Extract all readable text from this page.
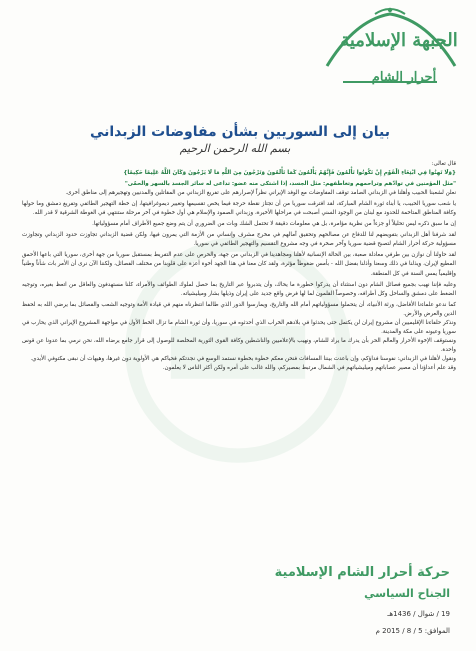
الجبهة الإسلامية
أحرار الشام
بيان إلى السوريين بشأن مفاوضات الزبداني
بسم الله الرحمن الرحيم

قال تعالى:

{وَلَا تَهِنُوا فِي ابْتِغَاءِ الْقَوْمِ إِنْ تَكُونُوا تَأْلَمُونَ فَإِنَّهُمْ يَأْلَمُونَ كَمَا تَأْلَمُونَ وَتَرْجُونَ مِنَ اللَّهِ مَا لَا يَرْجُونَ وَكَانَ اللَّهُ عَلِيمًا حَكِيمًا}

"مثل المؤمنين في توادّهم وتراحمهم وتعاطفهم: مثل الجسد، إذا اشتكى منه عضو: تداعى له سائر الجسد بالسهر والحمّى"

نعلن لشعبنا الحبيب وأهلنا في الزبداني الصامد توقف المفاوضات مع الوفد الإيراني نظراً لإصرارهم على تفريغ الزبداني من المقاتلين والمدنيين وتهجيرهم إلى مناطق أخرى.

يا شعب سوريا الحبيب، يا أبناء ثورة الشام المباركة، لقد افترقت سوريا من أن تجتاز نقطة حرجة فيما يخص تقسيمها وتغيير ديموغرافيتها، إن خطة التهجير الطائفي وتفريغ دمشق وما حولها وكافة المناطق المتاخمة للحدود مع لبنان من الوجود السني أصبحت في مراحلها الأخيرة، وزبداني الصمود والإسلام هي أول خطوة في آخر مرحلة ستنتهي في الغوطة الشرقية لا قدر الله.

إن ما سبق ذكره ليس تحليلاً أو جزءاً من نظرية مؤامرة، بل هي معلومات دقيقة لا تحتمل الشك وبات من الضروري أن يتم وضع جميع الأطراف أمام مسؤولياتها.

لقد شرفنا أهل الزبداني بتفويضهم لنا للدفاع عن مصالحهم وتحقيق آمالهم في مخرج مشرف وإنساني من الأزمة التي يمرون فيها، ولكن قضية الزبداني تجاوزت حدود الزبداني وتجاوزت مسؤولية حركة أحرار الشام لتصبح قضية سوريا وآخر صخرة في وجه مشروع التقسيم والتهجير الطائفي في سوريا.

لقد حاولنا أن نوازن بين طرفي معادلة صعبة، بين الحالة الإنسانية لأهلنا ومجاهدينا في الزبداني من جهة، والحرص على عدم التفريط بمستقبل سوريا من جهة أخرى، سوريا التي باعها الأحمق المطيع لإيران، ويذلنا في ذلك وسعنا وأذلنا بفضل الله - بأمس ضغوطاً مؤثرة، ولقد كان معنا في هذا الجهد أخوة أعزة على قلوبنا من مختلف الفصائل، ولكننا الآن نرى أن الأمر بات شأناً وطنياً وإقليمياً يمس السنة في كل المنطقة.

وعليه فإننا نهيب بجميع فصائل الشام دون استثناء أن يدركوا خطورة ما يحاك، وأن يتدبروا عبر التاريخ بما حصل لملوك الطوائف والأمراء، كلنا مستهدفون والعاقل من اتعظ بغيره، وتوجيه الضغط على دمشق والساحل وكل أطرافه، وخصوصاً القلمون لما لها فرض واقع جديد على إيران وذيلها بشار وميليشياته.

كما ندعو علماءنا الأفاضل، ورثة الأنبياء، أن يتحملوا مسؤولياتهم أمام الله والتاريخ، ويمارسوا الدور الذي طالما انتظرناه منهم في قيادة الأمة وتوجيه الشعب والفصائل بما يرضي الله به لحفظ الدين والعرض والأرض.

ونذكر حلفاءنا الإقليميين أن مشروع إيران لن يكتمل حتى يحدثوا في بلادهم الخراب الذي أحدثوه في سوريا، وأن ثورة الشام ما تزال الخط الأول في مواجهة المشروع الإيراني الذي يحارب في سوريا وعيونه على مكة والمدينة.

ونستوقف الإخوة الأحرار والعالم الحر بأن يدرك ما يراد للشام، ونهيب بالإعلاميين والناشطين وكافة القوى الثورية المخلصة للوصول إلى قرار جامع يرضاه الله، نحن نرمي بما عدونا عن قوس واحدة.

ونقول لأهلنا في الزبداني: نفوسنا فداؤكم، وإن باعدت بيننا المسافات فنحن معكم خطوة بخطوة نستمد الوسع في نجدتكم فحياكم هي الأولوية دون غيرها، وهيهات أن نبقى مكتوفي الأيدي.

وقد علم أعداؤنا أن مصير عصاباتهم وميليشياتهم في الشمال مرتبط بمصيركم، والله غالب على أمره ولكن أكثر الناس لا يعلمون.

حركة أحرار الشام الإسلامية
الجناح السياسي
19 / شوال / 1436هـ
الموافق: 5 / 8 / 2015 م
